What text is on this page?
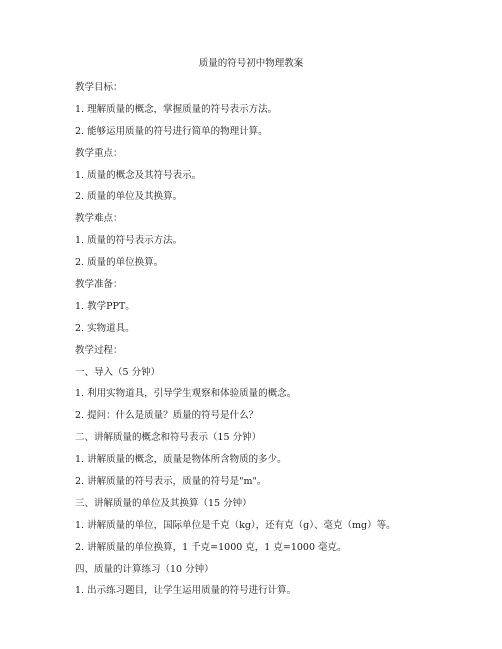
质量的符号初中物理教案
教学目标：
1. 理解质量的概念，掌握质量的符号表示方法。
2. 能够运用质量的符号进行简单的物理计算。
教学重点：
1. 质量的概念及其符号表示。
2. 质量的单位及其换算。
教学难点：
1. 质量的符号表示方法。
2. 质量的单位换算。
教学准备：
1. 教学PPT。
2. 实物道具。
教学过程：
一、导入（5 分钟）
1. 利用实物道具，引导学生观察和体验质量的概念。
2. 提问：什么是质量？质量的符号是什么？
二、讲解质量的概念和符号表示（15 分钟）
1. 讲解质量的概念，质量是物体所含物质的多少。
2. 讲解质量的符号表示，质量的符号是"m"。
三、讲解质量的单位及其换算（15 分钟）
1. 讲解质量的单位，国际单位是千克（kg），还有克（g）、毫克（mg）等。
2. 讲解质量的单位换算，1 千克=1000 克，1 克=1000 毫克。
四、质量的计算练习（10 分钟）
1. 出示练习题目，让学生运用质量的符号进行计算。
